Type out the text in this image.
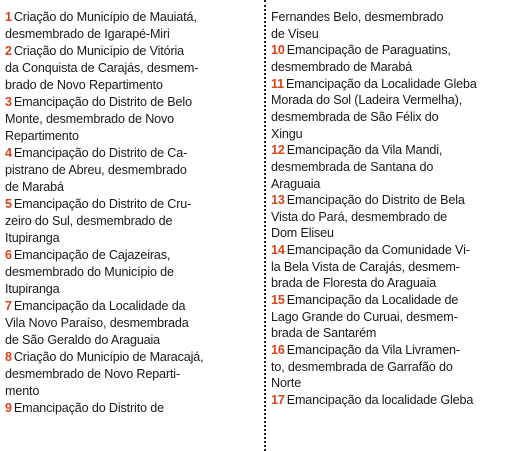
1 Criação do Município de Mauiatá,
desmembrado de Igarapé-Miri
2 Criação do Município de Vitória
da Conquista de Carajás, desmem-
brado de Novo Repartimento
3 Emancipação do Distrito de Belo
Monte, desmembrado de Novo
Repartimento
4 Emancipação do Distrito de Ca-
pistrano de Abreu, desmembrado
de Marabá
5 Emancipação do Distrito de Cru-
zeiro do Sul, desmembrado de
Itupiranga
6 Emancipação de Cajazeiras,
desmembrado do Município de
Itupiranga
7 Emancipação da Localidade da
Vila Novo Paraíso, desmembrada
de São Geraldo do Araguaia
8 Criação do Município de Maracajá,
desmembrado de Novo Reparti-
mento
9 Emancipação do Distrito de
Fernandes Belo, desmembrado
de Viseu
10 Emancipação de Paraguatins,
desmembrado de Marabá
11 Emancipação da Localidade Gleba
Morada do Sol (Ladeira Vermelha),
desmembrada de São Félix do
Xingu
12 Emancipação da Vila Mandi,
desmembrada de Santana do
Araguaia
13 Emancipação do Distrito de Bela
Vista do Pará, desmembrado de
Dom Eliseu
14 Emancipação da Comunidade Vi-
la Bela Vista de Carajás, desmem-
brada de Floresta do Araguaia
15 Emancipação da Localidade de
Lago Grande do Curuai, desmem-
brada de Santarém
16 Emancipação da Vila Livramen-
to, desmembrada de Garrafão do
Norte
17 Emancipação da localidade Gleba
